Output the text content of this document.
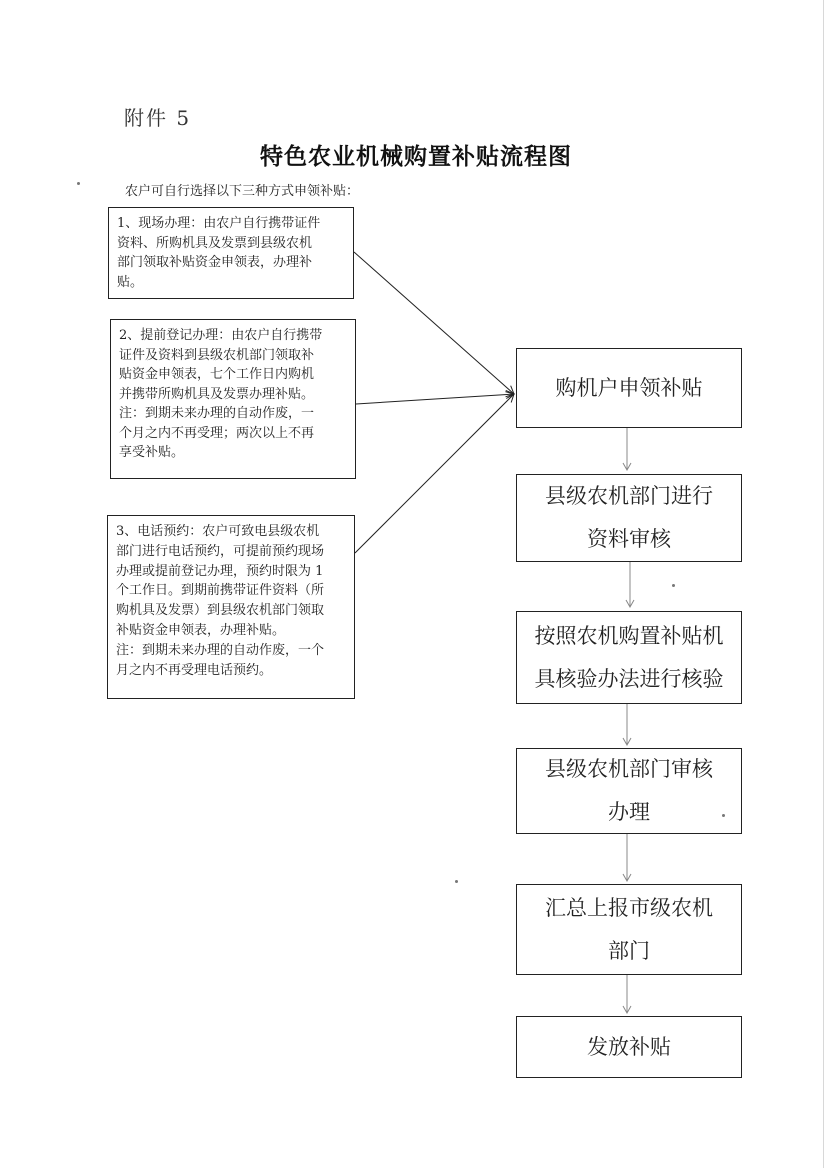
附件 5
特色农业机械购置补贴流程图
农户可自行选择以下三种方式申领补贴：

1、现场办理：由农户自行携带证件

资料、所购机具及发票到县级农机

部门领取补贴资金申领表，办理补

贴。

2、提前登记办理：由农户自行携带

证件及资料到县级农机部门领取补

贴资金申领表，七个工作日内购机

并携带所购机具及发票办理补贴。

注：到期未来办理的自动作废，一

个月之内不再受理；两次以上不再

享受补贴。

3、电话预约：农户可致电县级农机

部门进行电话预约，可提前预约现场

办理或提前登记办理，预约时限为 1

个工作日。到期前携带证件资料（所

购机具及发票）到县级农机部门领取

补贴资金申领表，办理补贴。

注：到期未来办理的自动作废，一个

月之内不再受理电话预约。

购机户申领补贴
县级农机部门进行
资料审核
按照农机购置补贴机
具核验办法进行核验
县级农机部门审核
办理
汇总上报市级农机
部门
发放补贴
